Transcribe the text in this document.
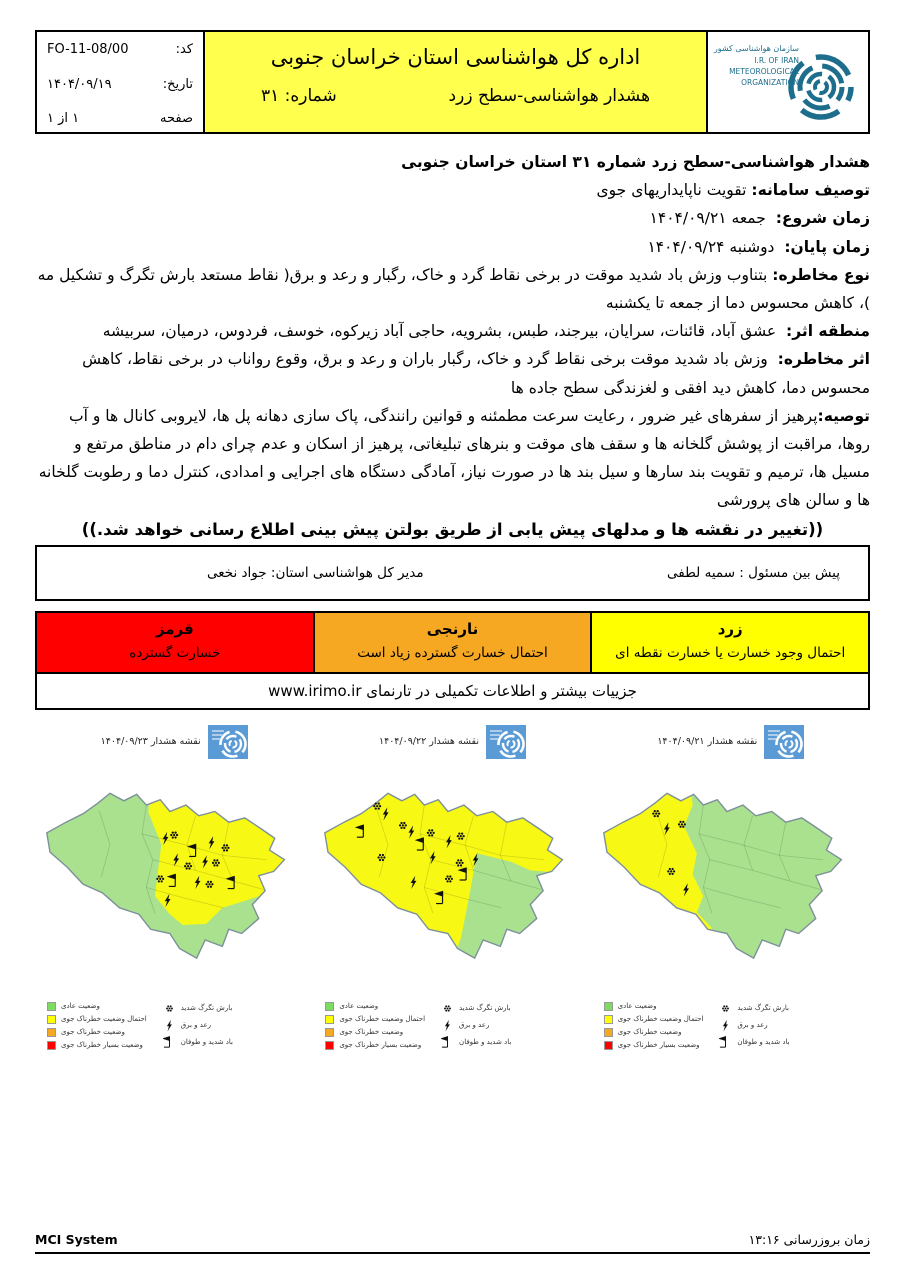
کد:
FO-11-08/00
تاریخ:
۱۴۰۴/۰۹/۱۹
صفحه
۱ از ۱
اداره کل هواشناسی استان خراسان جنوبی
هشدار هواشناسی-سطح زرد
شماره: ۳۱
سازمان هواشناسی کشور
I.R. OF IRAN
METEOROLOGICAL
ORGANIZATION

هشدار هواشناسی-سطح زرد شماره ۳۱ استان خراسان جنوبی

توصیف سامانه: تقویت ناپایداریهای جوی

زمان شروع:  جمعه ۱۴۰۴/۰۹/۲۱

زمان پایان:  دوشنبه ۱۴۰۴/۰۹/۲۴

نوع مخاطره: بتناوب وزش باد شدید موقت در برخی نقاط گرد و خاک، رگبار و رعد و برق( نقاط مستعد بارش تگرگ و تشکیل مه )، کاهش محسوس دما از جمعه تا یکشنبه

منطقه اثر:  عشق آباد، قائنات، سرایان، بیرجند، طبس، بشرویه، حاجی آباد زیرکوه، خوسف، فردوس، درمیان، سربیشه

اثر مخاطره:  وزش باد شدید موقت برخی نقاط گرد و خاک، رگبار باران و رعد و برق، وقوع رواناب در برخی نقاط، کاهش محسوس دما، کاهش دید افقی و لغزندگی سطح جاده ها

توصیه:پرهیز از سفرهای غیر ضرور ، رعایت سرعت مطمئنه و قوانین رانندگی، پاک سازی دهانه پل ها، لایروبی کانال ها و آب روها، مراقبت از پوشش گلخانه ها و سقف های موقت و بنرهای تبلیغاتی، پرهیز از اسکان و عدم چرای دام در مناطق مرتفع و مسیل ها، ترمیم و تقویت بند سارها و سیل بند ها در صورت نیاز، آمادگی دستگاه های اجرایی و امدادی، کنترل دما و رطوبت گلخانه ها و سالن های پرورشی

((تغییر در نقشه ها و مدلهای پیش یابی از طریق بولتن پیش بینی اطلاع رسانی خواهد شد.))

پیش بین مسئول : سمیه لطفی
مدیر کل هواشناسی استان: جواد نخعی
قرمز
خسارت گسترده
نارنجی
احتمال خسارت گسترده زیاد است
زرد
احتمال وجود خسارت یا خسارت نقطه ای
جزییات بیشتر و اطلاعات تکمیلی در تارنمای www.irimo.ir
نقشه هشدار ۱۴۰۴/۰۹/۲۳
وضعیت عادی
احتمال وضعیت خطرناک جوی
وضعیت خطرناک جوی
وضعیت بسیار خطرناک جوی
بارش تگرگ شدید
رعد و برق
باد شدید و طوفان
نقشه هشدار ۱۴۰۴/۰۹/۲۲
وضعیت عادی
احتمال وضعیت خطرناک جوی
وضعیت خطرناک جوی
وضعیت بسیار خطرناک جوی
بارش تگرگ شدید
رعد و برق
باد شدید و طوفان
نقشه هشدار ۱۴۰۴/۰۹/۲۱
وضعیت عادی
احتمال وضعیت خطرناک جوی
وضعیت خطرناک جوی
وضعیت بسیار خطرناک جوی
بارش تگرگ شدید
رعد و برق
باد شدید و طوفان
MCI System	زمان بروزرسانی ۱۳:۱۶
